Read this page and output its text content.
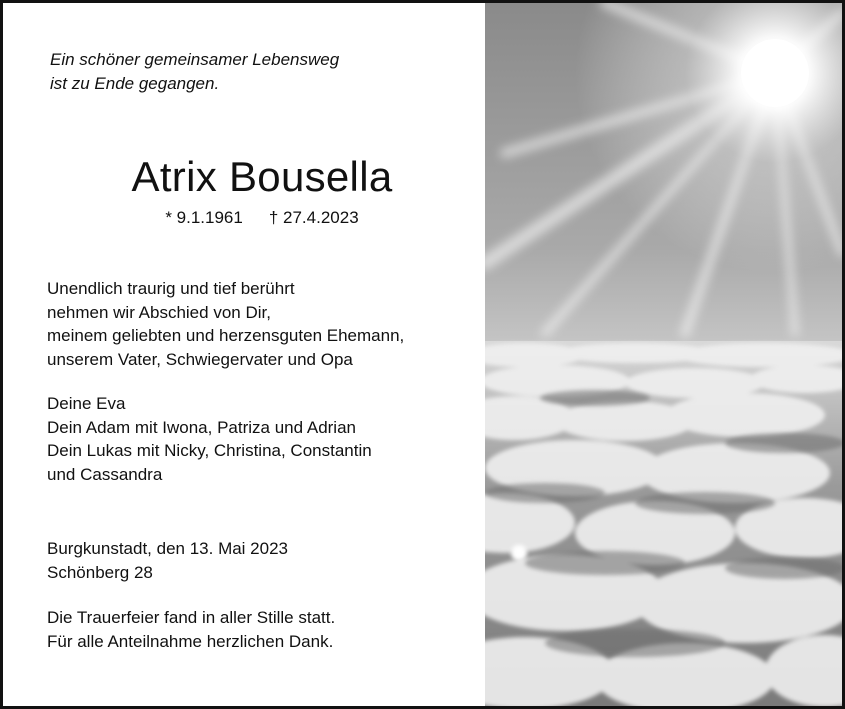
Ein schöner gemeinsamer Lebensweg
ist zu Ende gegangen.
Atrix Bousella
* 9.1.1961 † 27.4.2023
Unendlich traurig und tief berührt
nehmen wir Abschied von Dir,
meinem geliebten und herzensguten Ehemann,
unserem Vater, Schwiegervater und Opa
Deine Eva
Dein Adam mit Iwona, Patriza und Adrian
Dein Lukas mit Nicky, Christina, Constantin
und Cassandra
Burgkunstadt, den 13. Mai 2023
Schönberg 28
Die Trauerfeier fand in aller Stille statt.
Für alle Anteilnahme herzlichen Dank.
